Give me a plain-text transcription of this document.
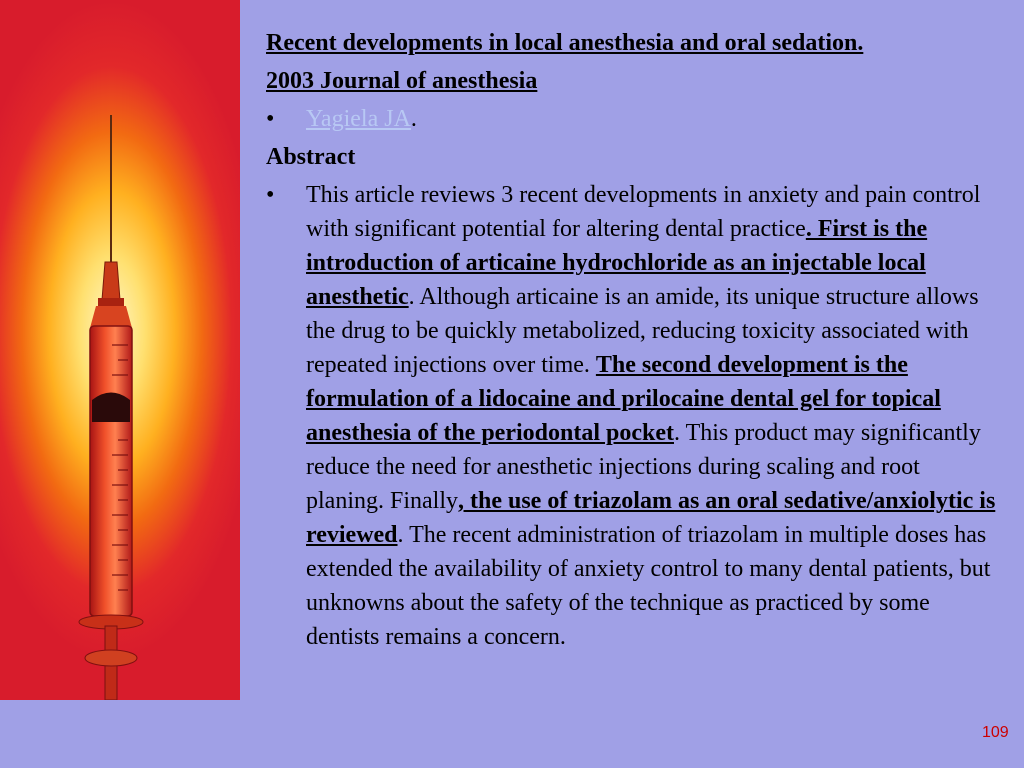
Recent developments in local anesthesia and oral sedation.
2003 Journal of anesthesia
• Yagiela JA.
Abstract
• This article reviews 3 recent developments in anxiety and pain control with significant potential for altering dental practice. First is the introduction of articaine hydrochloride as an injectable local anesthetic. Although articaine is an amide, its unique structure allows the drug to be quickly metabolized, reducing toxicity associated with repeated injections over time. The second development is the formulation of a lidocaine and prilocaine dental gel for topical anesthesia of the periodontal pocket. This product may significantly reduce the need for anesthetic injections during scaling and root planing. Finally, the use of triazolam as an oral sedative/anxiolytic is reviewed. The recent administration of triazolam in multiple doses has extended the availability of anxiety control to many dental patients, but unknowns about the safety of the technique as practiced by some dentists remains a concern.
109
